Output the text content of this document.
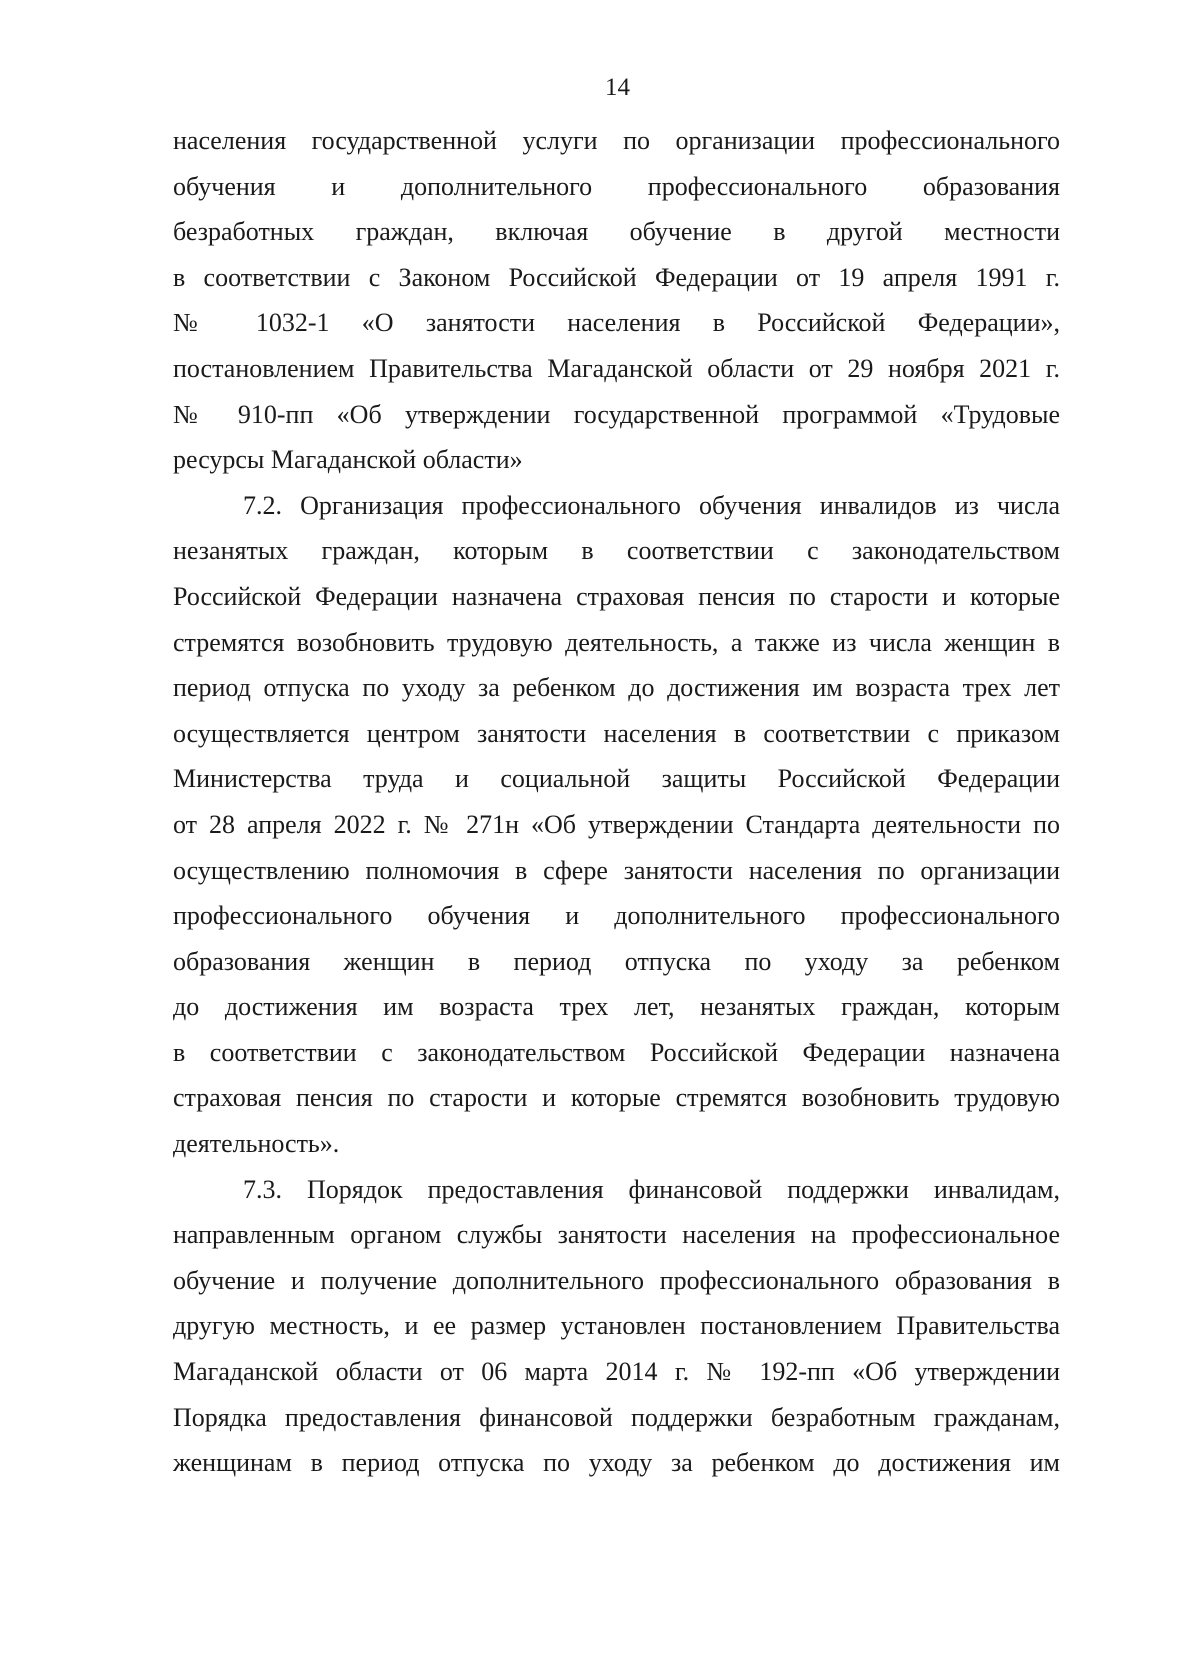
14
населения государственной услуги по организации профессионального
обучения и дополнительного профессионального образования
безработных граждан, включая обучение в другой местности
в соответствии с Законом Российской Федерации от 19 апреля 1991 г.
№ 1032-1 «О занятости населения в Российской Федерации»,
постановлением Правительства Магаданской области от 29 ноября 2021 г.
№ 910-пп «Об утверждении государственной программой «Трудовые
ресурсы Магаданской области»
7.2. Организация профессионального обучения инвалидов из числа
незанятых граждан, которым в соответствии с законодательством
Российской Федерации назначена страховая пенсия по старости и которые
стремятся возобновить трудовую деятельность, а также из числа женщин в
период отпуска по уходу за ребенком до достижения им возраста трех лет
осуществляется центром занятости населения в соответствии с приказом
Министерства труда и социальной защиты Российской Федерации
от 28 апреля 2022 г. № 271н «Об утверждении Стандарта деятельности по
осуществлению полномочия в сфере занятости населения по организации
профессионального обучения и дополнительного профессионального
образования женщин в период отпуска по уходу за ребенком
до достижения им возраста трех лет, незанятых граждан, которым
в соответствии с законодательством Российской Федерации назначена
страховая пенсия по старости и которые стремятся возобновить трудовую
деятельность».
7.3. Порядок предоставления финансовой поддержки инвалидам,
направленным органом службы занятости населения на профессиональное
обучение и получение дополнительного профессионального образования в
другую местность, и ее размер установлен постановлением Правительства
Магаданской области от 06 марта 2014 г. № 192-пп «Об утверждении
Порядка предоставления финансовой поддержки безработным гражданам,
женщинам в период отпуска по уходу за ребенком до достижения им
